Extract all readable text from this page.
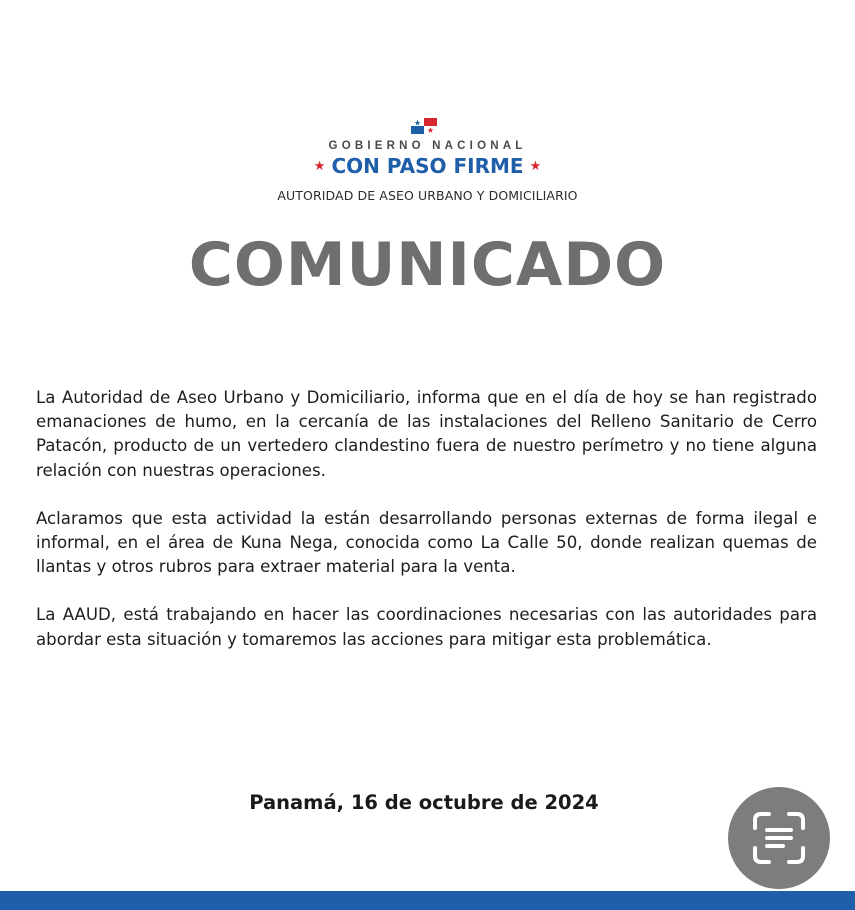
GOBIERNO NACIONAL
★ CON PASO FIRME ★
AUTORIDAD DE ASEO URBANO Y DOMICILIARIO
COMUNICADO

La Autoridad de Aseo Urbano y Domiciliario, informa que en el día de hoy se han registrado emanaciones de humo, en la cercanía de las instalaciones del Relleno Sanitario de Cerro Patacón, producto de un vertedero clandestino fuera de nuestro perímetro y no tiene alguna relación con nuestras operaciones.

Aclaramos que esta actividad la están desarrollando personas externas de forma ilegal e informal, en el área de Kuna Nega, conocida como La Calle 50, donde realizan quemas de llantas y otros rubros para extraer material para la venta.

La AAUD, está trabajando en hacer las coordinaciones necesarias con las autoridades para abordar esta situación y tomaremos las acciones para mitigar esta problemática.

Panamá, 16 de octubre de 2024
